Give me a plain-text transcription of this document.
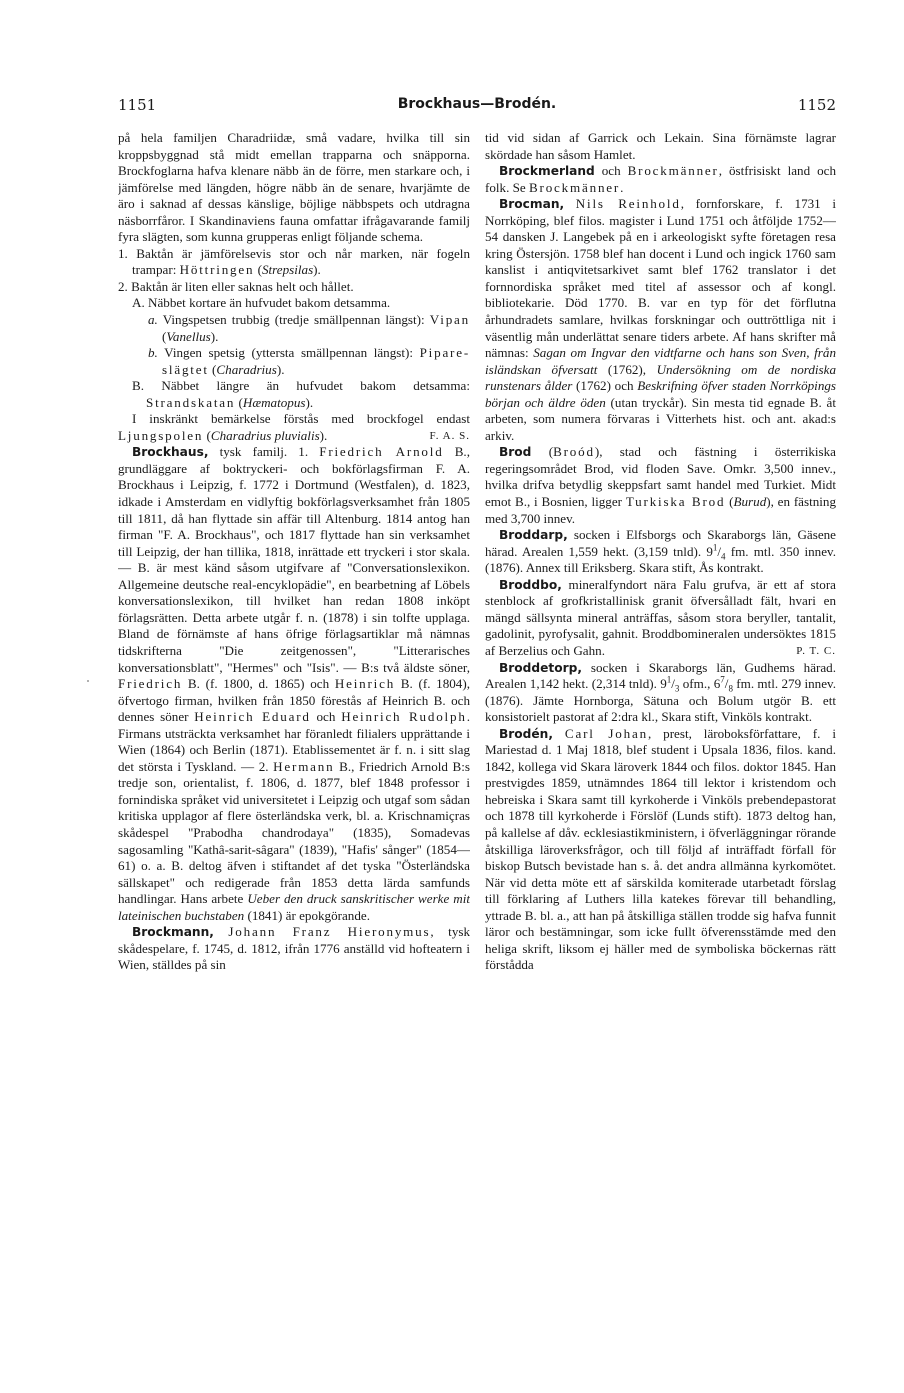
1151	Brockhaus—Brodén.	1152

på hela familjen Charadriidæ, små vadare, hvilka till sin kroppsbyggnad stå midt emellan trapparna och snäpporna. Brockfoglarna hafva klenare näbb än de förre, men starkare och, i jämförelse med längden, högre näbb än de senare, hvarjämte de äro i saknad af dessas känslige, böjlige näbbspets och utdragna näsborrfåror. I Skandinaviens fauna omfattar ifrågavarande familj fyra slägten, som kunna grupperas enligt följande schema.

1. Baktån är jämförelsevis stor och når marken, när fogeln trampar: Höttringen (Strepsilas).

2. Baktån är liten eller saknas helt och hållet.

A. Näbbet kortare än hufvudet bakom detsamma.

a. Vingspetsen trubbig (tredje smällpennan längst): Vipan (Vanellus).

b. Vingen spetsig (yttersta smällpennan längst): Pipare-slägtet (Charadrius).

B. Näbbet längre än hufvudet bakom detsamma: Strandskatan (Hæmatopus).

I inskränkt bemärkelse förstås med brockfogel endast Ljungspolen (Charadrius pluvialis).	F. A. S.

Brockhaus, tysk familj. 1. Friedrich Arnold B., grundläggare af boktryckeri- och bokförlagsfirman F. A. Brockhaus i Leipzig, f. 1772 i Dortmund (Westfalen), d. 1823, idkade i Amsterdam en vidlyftig bokförlagsverksamhet från 1805 till 1811, då han flyttade sin affär till Altenburg. 1814 antog han firman "F. A. Brockhaus", och 1817 flyttade han sin verksamhet till Leipzig, der han tillika, 1818, inrättade ett tryckeri i stor skala. — B. är mest känd såsom utgifvare af "Conversationslexikon. Allgemeine deutsche real-encyklopädie", en bearbetning af Löbels konversationslexikon, till hvilket han redan 1808 inköpt förlagsrätten. Detta arbete utgår f. n. (1878) i sin tolfte upplaga. Bland de förnämste af hans öfrige förlagsartiklar må nämnas tidskrifterna "Die zeitgenossen", "Litterarisches konversationsblatt", "Hermes" och "Isis". — B:s två äldste söner, Friedrich B. (f. 1800, d. 1865) och Heinrich B. (f. 1804), öfvertogo firman, hvilken från 1850 förestås af Heinrich B. och dennes söner Heinrich Eduard och Heinrich Rudolph. Firmans utsträckta verksamhet har föranledt filialers upprättande i Wien (1864) och Berlin (1871). Etablissementet är f. n. i sitt slag det största i Tyskland. — 2. Hermann B., Friedrich Arnold B:s tredje son, orientalist, f. 1806, d. 1877, blef 1848 professor i fornindiska språket vid universitetet i Leipzig och utgaf som sådan kritiska upplagor af flere österländska verk, bl. a. Krischnamiçras skådespel "Prabodha chandrodaya" (1835), Somadevas sagosamling "Kathâ-sarit-sâgara" (1839), "Hafis' sånger" (1854—61) o. a. B. deltog äfven i stiftandet af det tyska "Österländska sällskapet" och redigerade från 1853 detta lärda samfunds handlingar. Hans arbete Ueber den druck sanskritischer werke mit lateinischen buchstaben (1841) är epokgörande.

Brockmann, Johann Franz Hieronymus, tysk skådespelare, f. 1745, d. 1812, ifrån 1776 anställd vid hofteatern i Wien, ställdes på sin

tid vid sidan af Garrick och Lekain. Sina förnämste lagrar skördade han såsom Hamlet.

Brockmerland och Brockmänner, östfrisiskt land och folk. Se Brockmänner.

Brocman, Nils Reinhold, fornforskare, f. 1731 i Norrköping, blef filos. magister i Lund 1751 och åtföljde 1752—54 dansken J. Langebek på en i arkeologiskt syfte företagen resa kring Östersjön. 1758 blef han docent i Lund och ingick 1760 sam kanslist i antiqvitetsarkivet samt blef 1762 translator i det fornnordiska språket med titel af assessor och af kongl. bibliotekarie. Död 1770. B. var en typ för det förflutna århundradets samlare, hvilkas forskningar och outtröttliga nit i väsentlig mån underlättat senare tiders arbete. Af hans skrifter må nämnas: Sagan om Ingvar den vidtfarne och hans son Sven, från isländskan öfversatt (1762), Undersökning om de nordiska runstenars ålder (1762) och Beskrifning öfver staden Norrköpings början och äldre öden (utan tryckår). Sin mesta tid egnade B. åt arbeten, som numera förvaras i Vitterhets hist. och ant. akad:s arkiv.

Brod (Broód), stad och fästning i österrikiska regeringsområdet Brod, vid floden Save. Omkr. 3,500 innev., hvilka drifva betydlig skeppsfart samt handel med Turkiet. Midt emot B., i Bosnien, ligger Turkiska Brod (Burud), en fästning med 3,700 innev.

Broddarp, socken i Elfsborgs och Skaraborgs län, Gäsene härad. Arealen 1,559 hekt. (3,159 tnld). $9^1/_4$ fm. mtl. 350 innev. (1876). Annex till Eriksberg. Skara stift, Ås kontrakt.

Broddbo, mineralfyndort nära Falu grufva, är ett af stora stenblock af grofkristallinisk granit öfversålladt fält, hvari en mängd sällsynta mineral anträffas, såsom stora beryller, tantalit, gadolinit, pyrofysalit, gahnit. Broddbomineralen undersöktes 1815 af Berzelius och Gahn.	P. T. C.

Broddetorp, socken i Skaraborgs län, Gudhems härad. Arealen 1,142 hekt. (2,314 tnld). $9^1/_3$ ofm., $6^7/_8$ fm. mtl. 279 innev. (1876). Jämte Hornborga, Sätuna och Bolum utgör B. ett konsistorielt pastorat af 2:dra kl., Skara stift, Vinköls kontrakt.

Brodén, Carl Johan, prest, läroboksförfattare, f. i Mariestad d. 1 Maj 1818, blef student i Upsala 1836, filos. kand. 1842, kollega vid Skara läroverk 1844 och filos. doktor 1845. Han prestvigdes 1859, utnämndes 1864 till lektor i kristendom och hebreiska i Skara samt till kyrkoherde i Vinköls prebendepastorat och 1878 till kyrkoherde i Förslöf (Lunds stift). 1873 deltog han, på kallelse af dåv. ecklesiastikministern, i öfverläggningar rörande åtskilliga läroverksfrågor, och till följd af inträffadt förfall för biskop Butsch bevistade han s. å. det andra allmänna kyrkomötet. När vid detta möte ett af särskilda komiterade utarbetadt förslag till förklaring af Luthers lilla katekes förevar till behandling, yttrade B. bl. a., att han på åtskilliga ställen trodde sig hafva funnit läror och bestämningar, som icke fullt öfverensstämde med den heliga skrift, liksom ej häller med de symboliska böckernas rätt förstådda
